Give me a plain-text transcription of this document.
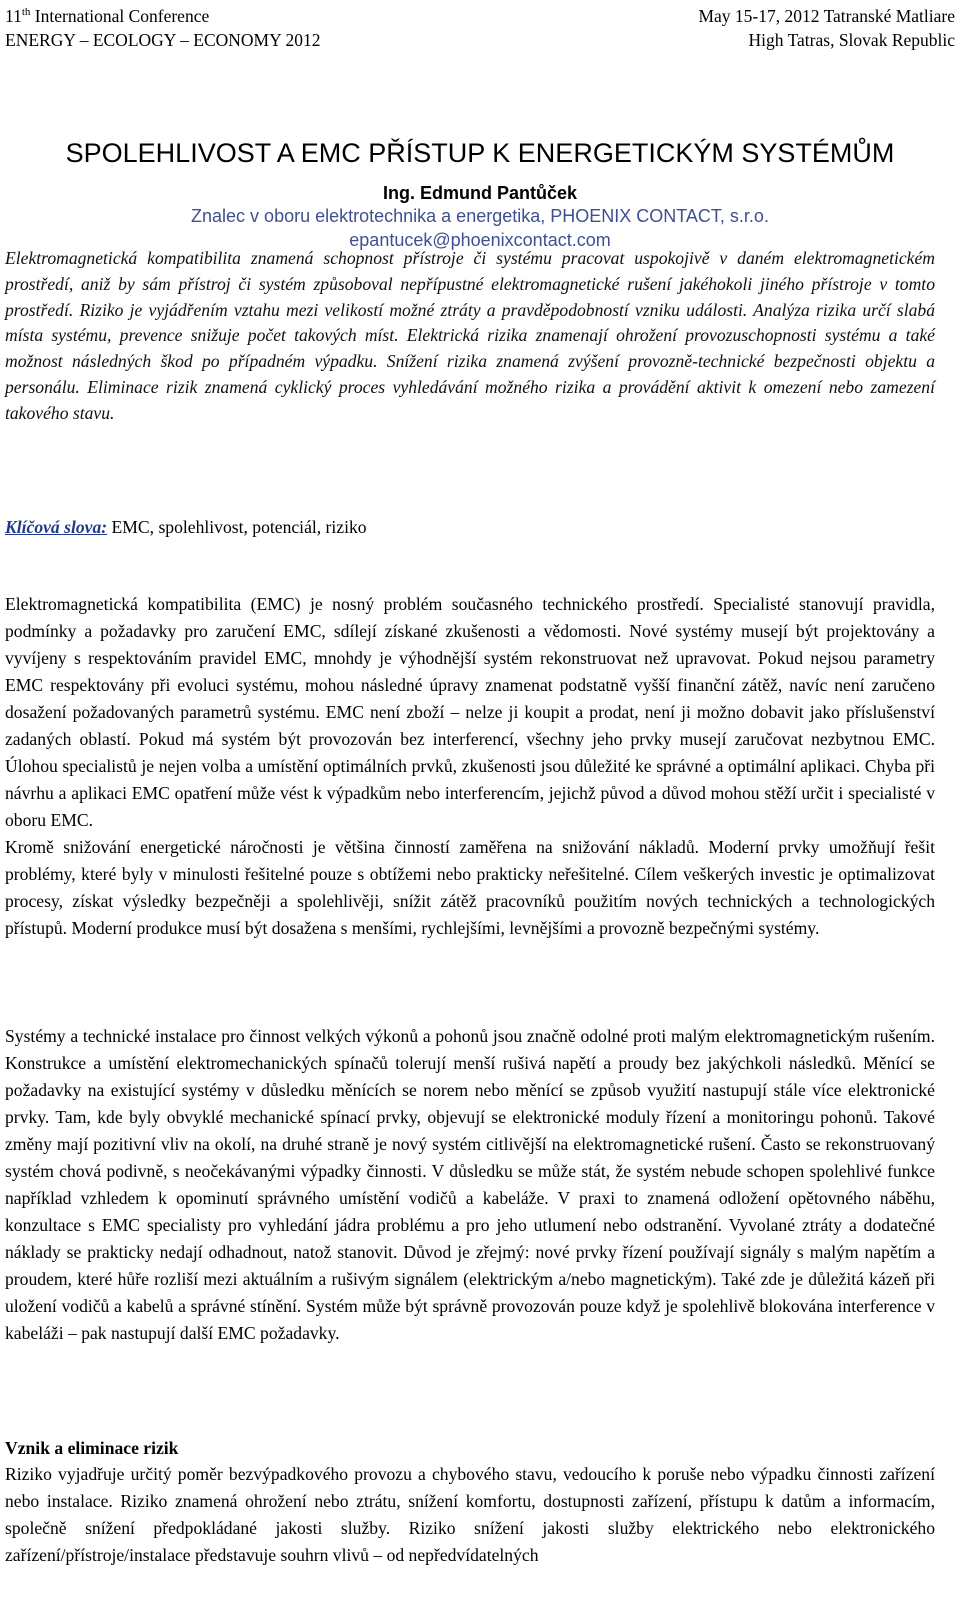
11th International Conference	May 15-17, 2012 Tatranské Matliare
ENERGY – ECOLOGY – ECONOMY 2012	High Tatras, Slovak Republic
SPOLEHLIVOST A EMC PŘÍSTUP K ENERGETICKÝM SYSTÉMŮM
Ing. Edmund Pantůček
Znalec v oboru elektrotechnika a energetika, PHOENIX CONTACT, s.r.o.
epantucek@phoenixcontact.com
Elektromagnetická kompatibilita znamená schopnost přístroje či systému pracovat uspokojivě v daném elektromagnetickém prostředí, aniž by sám přístroj či systém způsoboval nepřípustné elektromagnetické rušení jakéhokoli jiného přístroje v tomto prostředí. Riziko je vyjádřením vztahu mezi velikostí možné ztráty a pravděpodobností vzniku události. Analýza rizika určí slabá místa systému, prevence snižuje počet takových míst. Elektrická rizika znamenají ohrožení provozuschopnosti systému a také možnost následných škod po případném výpadku. Snížení rizika znamená zvýšení provozně-technické bezpečnosti objektu a personálu. Eliminace rizik znamená cyklický proces vyhledávání možného rizika a provádění aktivit k omezení nebo zamezení takového stavu.
Klíčová slova: EMC, spolehlivost, potenciál, riziko

Elektromagnetická kompatibilita (EMC) je nosný problém současného technického prostředí. Specialisté stanovují pravidla, podmínky a požadavky pro zaručení EMC, sdílejí získané zkušenosti a vědomosti. Nové systémy musejí být projektovány a vyvíjeny s respektováním pravidel EMC, mnohdy je výhodnější systém rekonstruovat než upravovat. Pokud nejsou parametry EMC respektovány při evoluci systému, mohou následné úpravy znamenat podstatně vyšší finanční zátěž, navíc není zaručeno dosažení požadovaných parametrů systému. EMC není zboží – nelze ji koupit a prodat, není ji možno dobavit jako příslušenství zadaných oblastí. Pokud má systém být provozován bez interferencí, všechny jeho prvky musejí zaručovat nezbytnou EMC. Úlohou specialistů je nejen volba a umístění optimálních prvků, zkušenosti jsou důležité ke správné a optimální aplikaci. Chyba při návrhu a aplikaci EMC opatření může vést k výpadkům nebo interferencím, jejichž původ a důvod mohou stěží určit i specialisté v oboru EMC.

Kromě snižování energetické náročnosti je většina činností zaměřena na snižování nákladů. Moderní prvky umožňují řešit problémy, které byly v minulosti řešitelné pouze s obtížemi nebo prakticky neřešitelné. Cílem veškerých investic je optimalizovat procesy, získat výsledky bezpečněji a spolehlivěji, snížit zátěž pracovníků použitím nových technických a technologických přístupů. Moderní produkce musí být dosažena s menšími, rychlejšími, levnějšími a provozně bezpečnými systémy.

Systémy a technické instalace pro činnost velkých výkonů a pohonů jsou značně odolné proti malým elektromagnetickým rušením. Konstrukce a umístění elektromechanických spínačů tolerují menší rušivá napětí a proudy bez jakýchkoli následků. Měnící se požadavky na existující systémy v důsledku měnících se norem nebo měnící se způsob využití nastupují stále více elektronické prvky. Tam, kde byly obvyklé mechanické spínací prvky, objevují se elektronické moduly řízení a monitoringu pohonů. Takové změny mají pozitivní vliv na okolí, na druhé straně je nový systém citlivější na elektromagnetické rušení. Často se rekonstruovaný systém chová podivně, s neočekávanými výpadky činnosti. V důsledku se může stát, že systém nebude schopen spolehlivé funkce například vzhledem k opominutí správného umístění vodičů a kabeláže. V praxi to znamená odložení opětovného náběhu, konzultace s EMC specialisty pro vyhledání jádra problému a pro jeho utlumení nebo odstranění. Vyvolané ztráty a dodatečné náklady se prakticky nedají odhadnout, natož stanovit. Důvod je zřejmý: nové prvky řízení používají signály s malým napětím a proudem, které hůře rozliší mezi aktuálním a rušivým signálem (elektrickým a/nebo magnetickým). Také zde je důležitá kázeň při uložení vodičů a kabelů a správné stínění. Systém může být správně provozován pouze když je spolehlivě blokována interference v kabeláži – pak nastupují další EMC požadavky.

Vznik a eliminace rizik

Riziko vyjadřuje určitý poměr bezvýpadkového provozu a chybového stavu, vedoucího k poruše nebo výpadku činnosti zařízení nebo instalace. Riziko znamená ohrožení nebo ztrátu, snížení komfortu, dostupnosti zařízení, přístupu k datům a informacím, společně snížení předpokládané jakosti služby. Riziko snížení jakosti služby elektrického nebo elektronického zařízení/přístroje/instalace představuje souhrn vlivů – od nepředvídatelných
